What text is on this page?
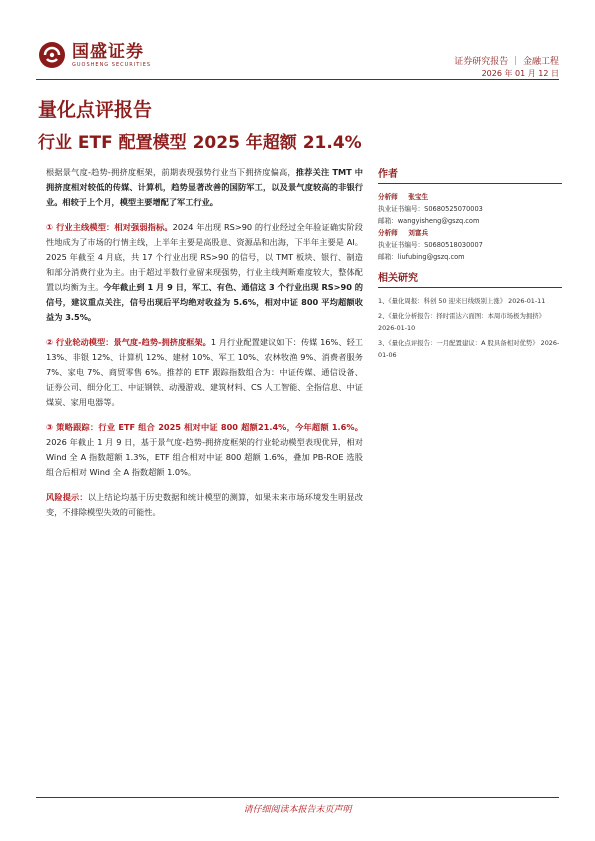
国盛证券
GUOSHENG SECURITIES	证券研究报告 ｜ 金融工程
2026 年 01 月 12 日
量化点评报告
行业 ETF 配置模型 2025 年超额 21.4%

根据景气度-趋势-拥挤度框架，前期表现强势行业当下拥挤度偏高，推荐关注 TMT 中拥挤度相对较低的传媒、计算机，趋势显著改善的国防军工，以及景气度较高的非银行业。相较于上个月，模型主要增配了军工行业。

① 行业主线模型：相对强弱指标。2024 年出现 RS>90 的行业经过全年验证确实阶段性地成为了市场的行情主线，上半年主要是高股息、资源品和出海，下半年主要是 AI。2025 年截至 4 月底，共 17 个行业出现 RS>90 的信号，以 TMT 板块、银行、制造和部分消费行业为主。由于超过半数行业留来现强势，行业主线判断难度较大，整体配置以均衡为主。今年截止到 1 月 9 日，军工、有色、通信这 3 个行业出现 RS>90 的信号，建议重点关注，信号出现后平均绝对收益为 5.6%，相对中证 800 平均超额收益为 3.5%。

② 行业轮动模型：景气度-趋势-拥挤度框架。1 月行业配置建议如下：传媒 16%、轻工 13%、非银 12%、计算机 12%、建材 10%、军工 10%、农林牧渔 9%、消费者服务 7%、家电 7%、商贸零售 6%。推荐的 ETF 跟踪指数组合为：中证传媒、通信设备、证券公司、细分化工、中证钢铁、动漫游戏、建筑材料、CS 人工智能、全指信息、中证煤炭、家用电器等。

③ 策略跟踪：行业 ETF 组合 2025 相对中证 800 超额21.4%，今年超额 1.6%。2026 年截止 1 月 9 日，基于景气度-趋势-拥挤度框架的行业轮动模型表现优异，相对 Wind 全 A 指数超额 1.3%，ETF 组合相对中证 800 超额 1.6%，叠加 PB-ROE 选股组合后相对 Wind 全 A 指数超额 1.0%。

风险提示：以上结论均基于历史数据和统计模型的测算，如果未来市场环境发生明显改变，不排除模型失效的可能性。

作者
分析师 张宝生
执业证书编号：S0680525070003
邮箱：wangyisheng@gszq.com
分析师 刘富兵
执业证书编号：S0680518030007
邮箱：liufubing@gszq.com
相关研究
1、《量化周报：科创 50 迎来日线级别上涨》 2026-01-11
2、《量化分析报告：择时雷达六面图：本周市场极为拥挤》 2026-01-10
3、《量化点评报告：一月配置建议：A 股具备相对优势》 2026-01-06
请仔细阅读本报告末页声明
